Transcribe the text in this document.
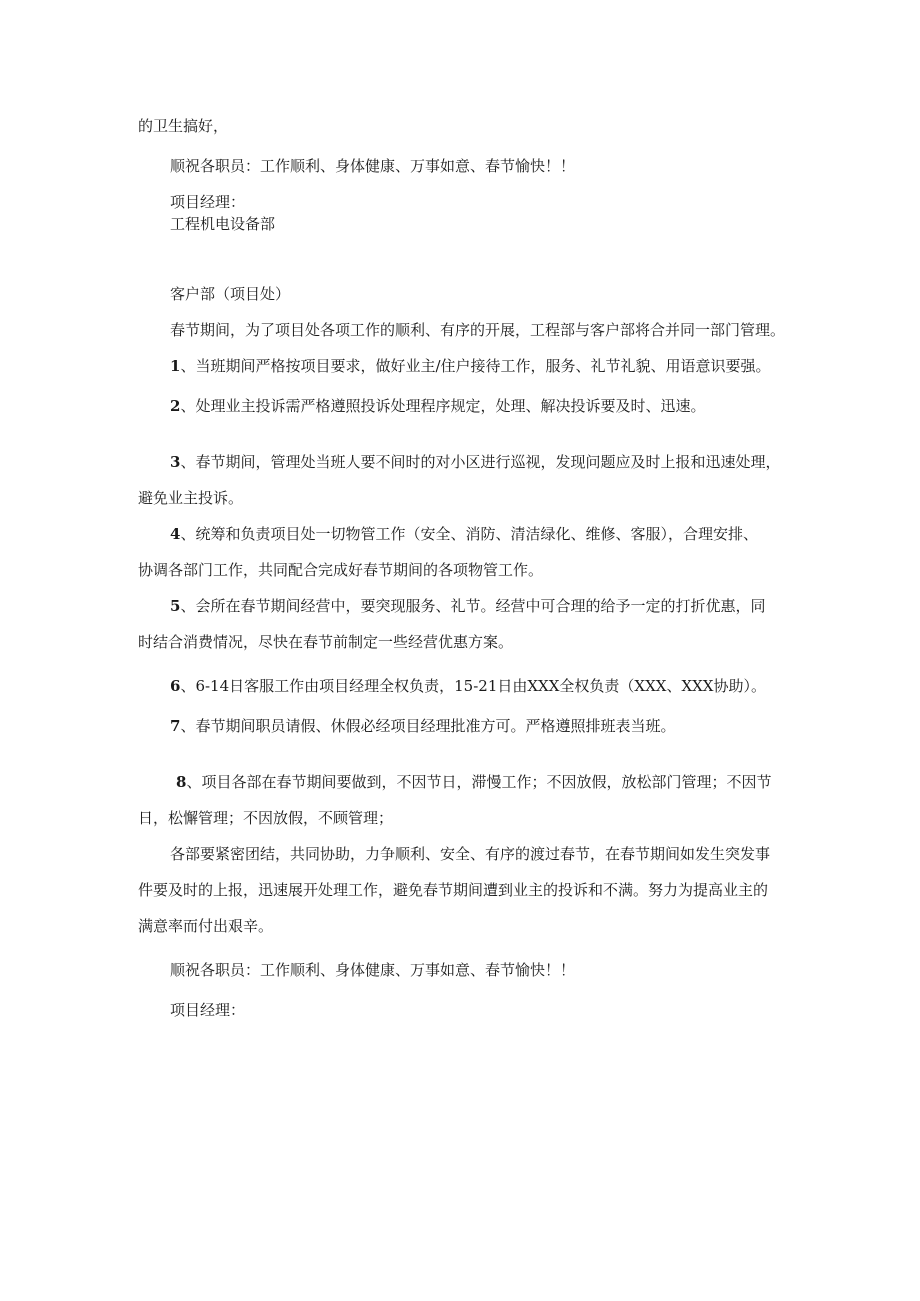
的卫生搞好，

顺祝各职员：工作顺利、身体健康、万事如意、春节愉快！！

项目经理：

工程机电设备部

客户部（项目处）

春节期间，为了项目处各项工作的顺利、有序的开展，工程部与客户部将合并同一部门管理。

1、当班期间严格按项目要求，做好业主/住户接待工作，服务、礼节礼貌、用语意识要强。

2、处理业主投诉需严格遵照投诉处理程序规定，处理、解决投诉要及时、迅速。

3、春节期间，管理处当班人要不间时的对小区进行巡视，发现问题应及时上报和迅速处理，

避免业主投诉。

4、统筹和负责项目处一切物管工作（安全、消防、清洁绿化、维修、客服），合理安排、

协调各部门工作，共同配合完成好春节期间的各项物管工作。

5、会所在春节期间经营中，要突现服务、礼节。经营中可合理的给予一定的打折优惠，同

时结合消费情况，尽快在春节前制定一些经营优惠方案。

6、6-14日客服工作由项目经理全权负责，15-21日由XXX全权负责（XXX、XXX协助）。

7、春节期间职员请假、休假必经项目经理批准方可。严格遵照排班表当班。

8、项目各部在春节期间要做到，不因节日，滞慢工作；不因放假，放松部门管理；不因节

日，松懈管理；不因放假，不顾管理；

各部要紧密团结，共同协助，力争顺利、安全、有序的渡过春节，在春节期间如发生突发事

件要及时的上报，迅速展开处理工作，避免春节期间遭到业主的投诉和不满。努力为提高业主的

满意率而付出艰辛。

顺祝各职员：工作顺利、身体健康、万事如意、春节愉快！！

项目经理：
